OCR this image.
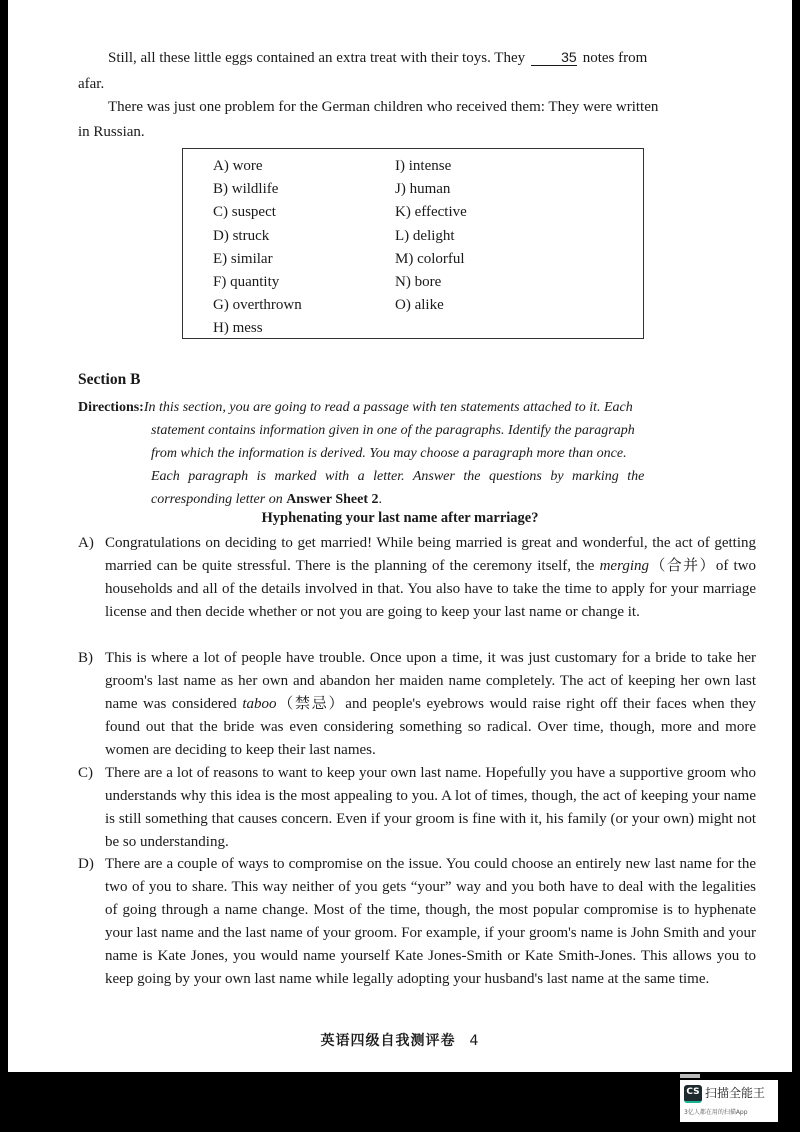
Still, all these little eggs contained an extra treat with their toys. They	35 notes from

afar.

There was just one problem for the German children who received them: They were written

in Russian.

A) wore
B) wildlife
C) suspect
D) struck
E) similar
F) quantity
G) overthrown
H) mess
I) intense
J) human
K) effective
L) delight
M) colorful
N) bore
O) alike
Section B
Directions:In this section, you are going to read a passage with ten statements attached to it. Each
statement contains information given in one of the paragraphs. Identify the paragraph
from which the information is derived. You may choose a paragraph more than once.
Each paragraph is marked with a letter. Answer the questions by marking the
corresponding letter on Answer Sheet 2.
Hyphenating your last name after marriage?
A) Congratulations on deciding to get married! While being married is great and wonderful, the act of getting married can be quite stressful. There is the planning of the ceremony itself, the merging（合并）of two households and all of the details involved in that. You also have to take the time to apply for your marriage license and then decide whether or not you are going to keep your last name or change it.
B) This is where a lot of people have trouble. Once upon a time, it was just customary for a bride to take her groom's last name as her own and abandon her maiden name completely. The act of keeping her own last name was considered taboo（禁忌）and people's eyebrows would raise right off their faces when they found out that the bride was even considering something so radical. Over time, though, more and more women are deciding to keep their last names.
C) There are a lot of reasons to want to keep your own last name. Hopefully you have a supportive groom who understands why this idea is the most appealing to you. A lot of times, though, the act of keeping your name is still something that causes concern. Even if your groom is fine with it, his family (or your own) might not be so understanding.
D) There are a couple of ways to compromise on the issue. You could choose an entirely new last name for the two of you to share. This way neither of you gets “your” way and you both have to deal with the legalities of going through a name change. Most of the time, though, the most popular compromise is to hyphenate your last name and the last name of your groom. For example, if your groom's name is John Smith and your name is Kate Jones, you would name yourself Kate Jones-Smith or Kate Smith-Jones. This allows you to keep going by your own last name while legally adopting your husband's last name at the same time.
英语四级自我测评卷 4
CS 扫描全能王
3亿人都在用的扫描App
